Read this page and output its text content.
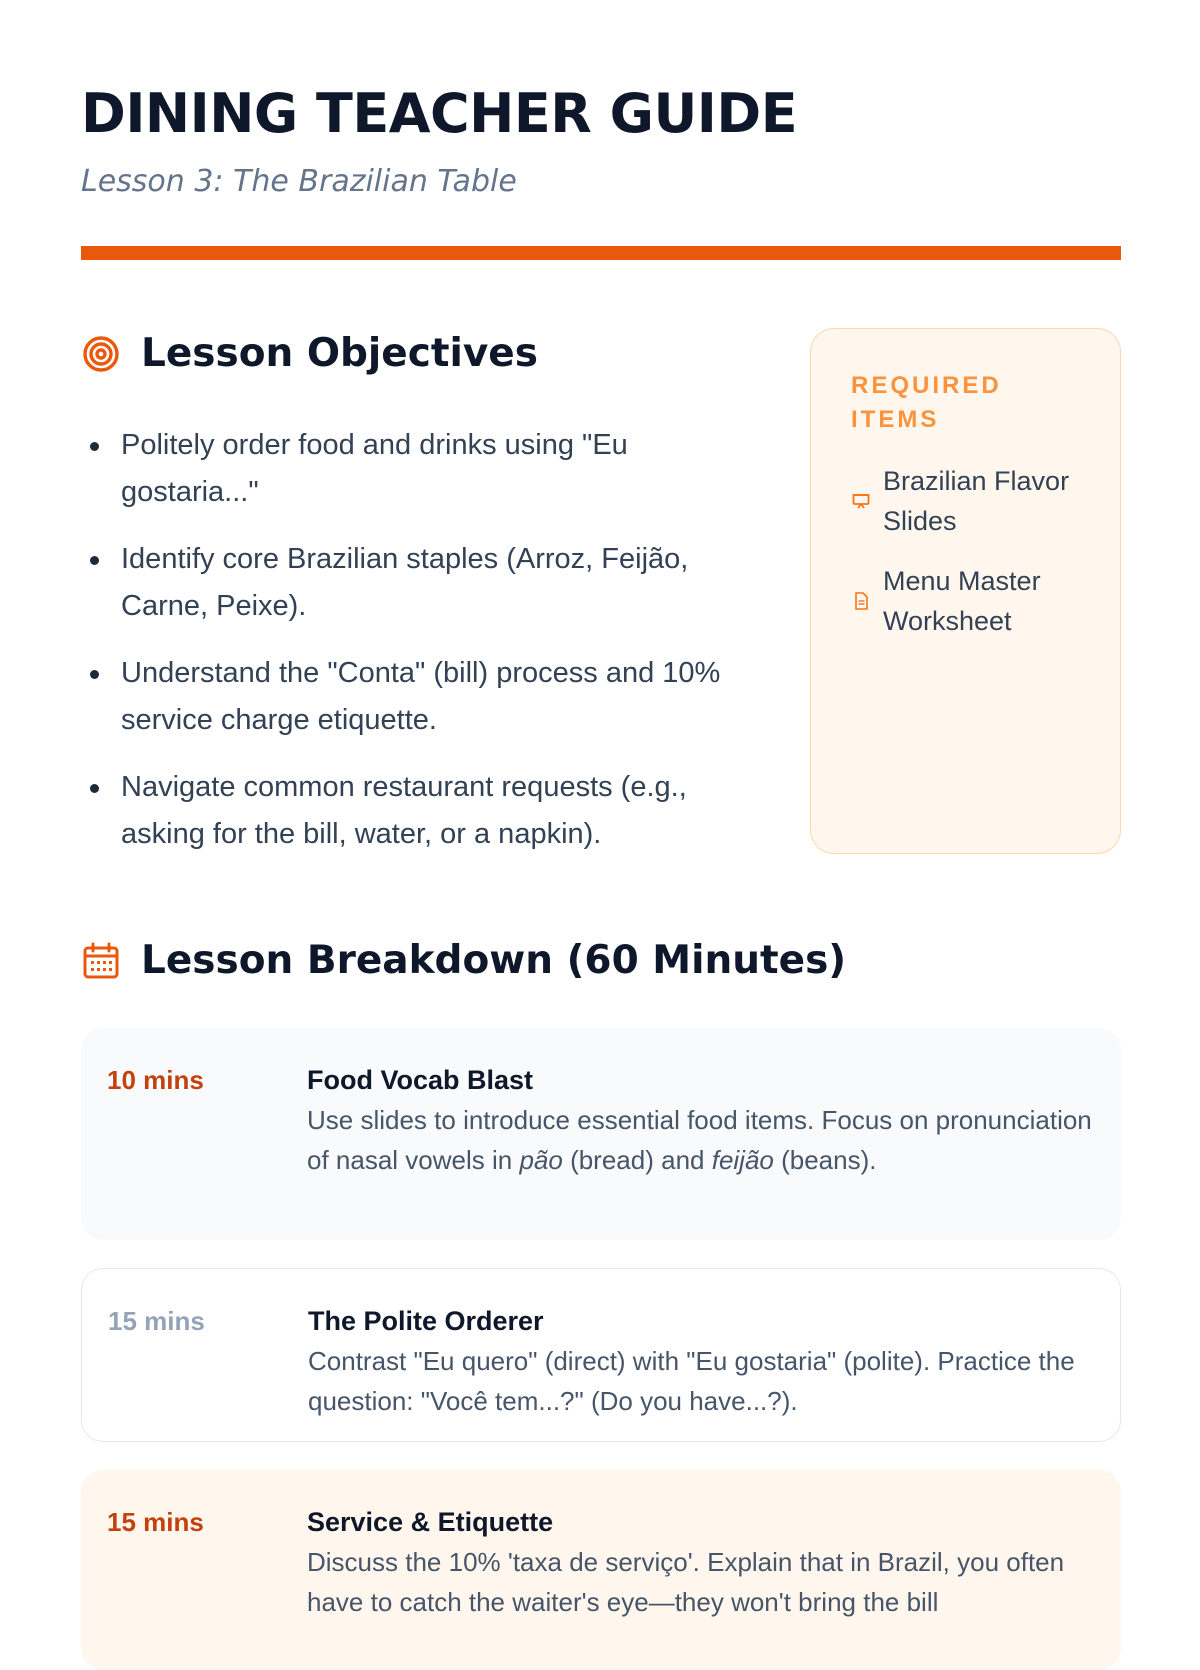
DINING TEACHER GUIDE
Lesson 3: The Brazilian Table
Lesson Objectives
Politely order food and drinks using "Eu gostaria..."
Identify core Brazilian staples (Arroz, Feijão, Carne, Peixe).
Understand the "Conta" (bill) process and 10% service charge etiquette.
Navigate common restaurant requests (e.g., asking for the bill, water, or a napkin).
REQUIRED ITEMS
Brazilian Flavor Slides
Menu Master Worksheet
Lesson Breakdown (60 Minutes)
10 mins	Food Vocab Blast
Use slides to introduce essential food items. Focus on pronunciation of nasal vowels in pão (bread) and feijão (beans).
15 mins	The Polite Orderer
Contrast "Eu quero" (direct) with "Eu gostaria" (polite). Practice the question: "Você tem...?" (Do you have...?).
15 mins	Service & Etiquette
Discuss the 10% 'taxa de serviço'. Explain that in Brazil, you often have to catch the waiter's eye—they won't bring the bill
